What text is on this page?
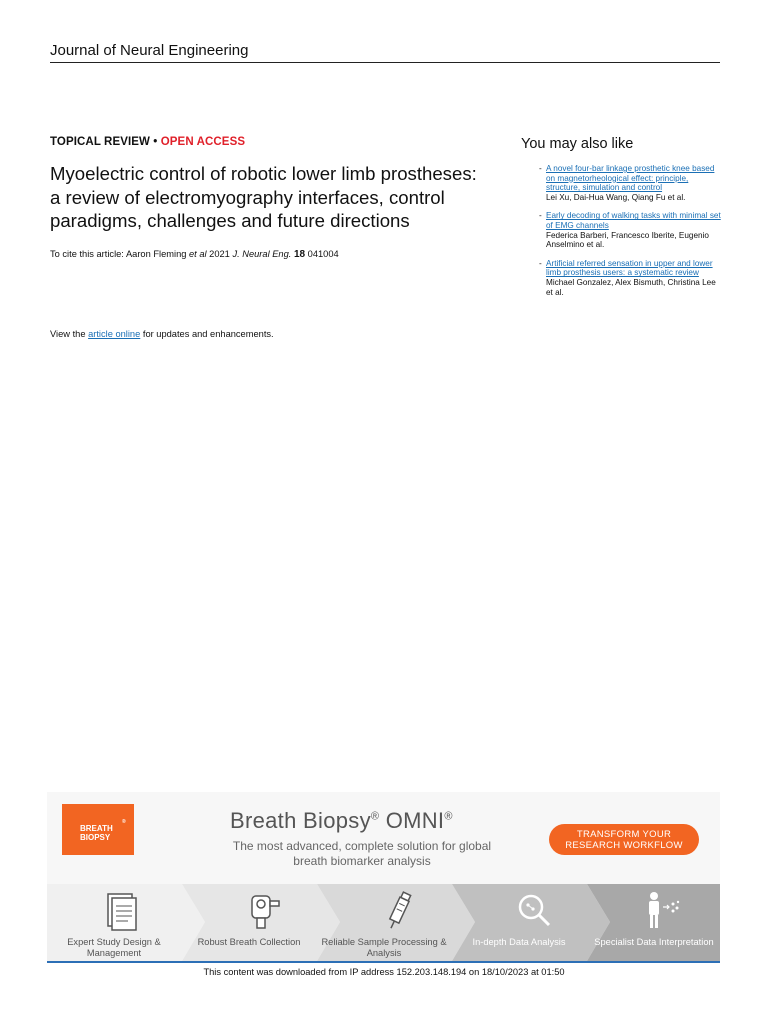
Journal of Neural Engineering
TOPICAL REVIEW • OPEN ACCESS
Myoelectric control of robotic lower limb prostheses: a review of electromyography interfaces, control paradigms, challenges and future directions
To cite this article: Aaron Fleming et al 2021 J. Neural Eng. 18 041004
View the article online for updates and enhancements.
You may also like
- A novel four-bar linkage prosthetic knee based on magnetorheological effect: principle, structure, simulation and control
Lei Xu, Dai-Hua Wang, Qiang Fu et al.
- Early decoding of walking tasks with minimal set of EMG channels
Federica Barberi, Francesco Iberite, Eugenio Anselmino et al.
- Artificial referred sensation in upper and lower limb prosthesis users: a systematic review
Michael Gonzalez, Alex Bismuth, Christina Lee et al.
BREATH
BIOPSY
®	Breath Biopsy® OMNI®
The most advanced, complete solution for global breath biomarker analysis
TRANSFORM YOUR
RESEARCH WORKFLOW
Expert Study Design & Management
Robust Breath Collection	Reliable Sample Processing & Analysis
In-depth Data Analysis	Specialist Data Interpretation
This content was downloaded from IP address 152.203.148.194 on 18/10/2023 at 01:50
